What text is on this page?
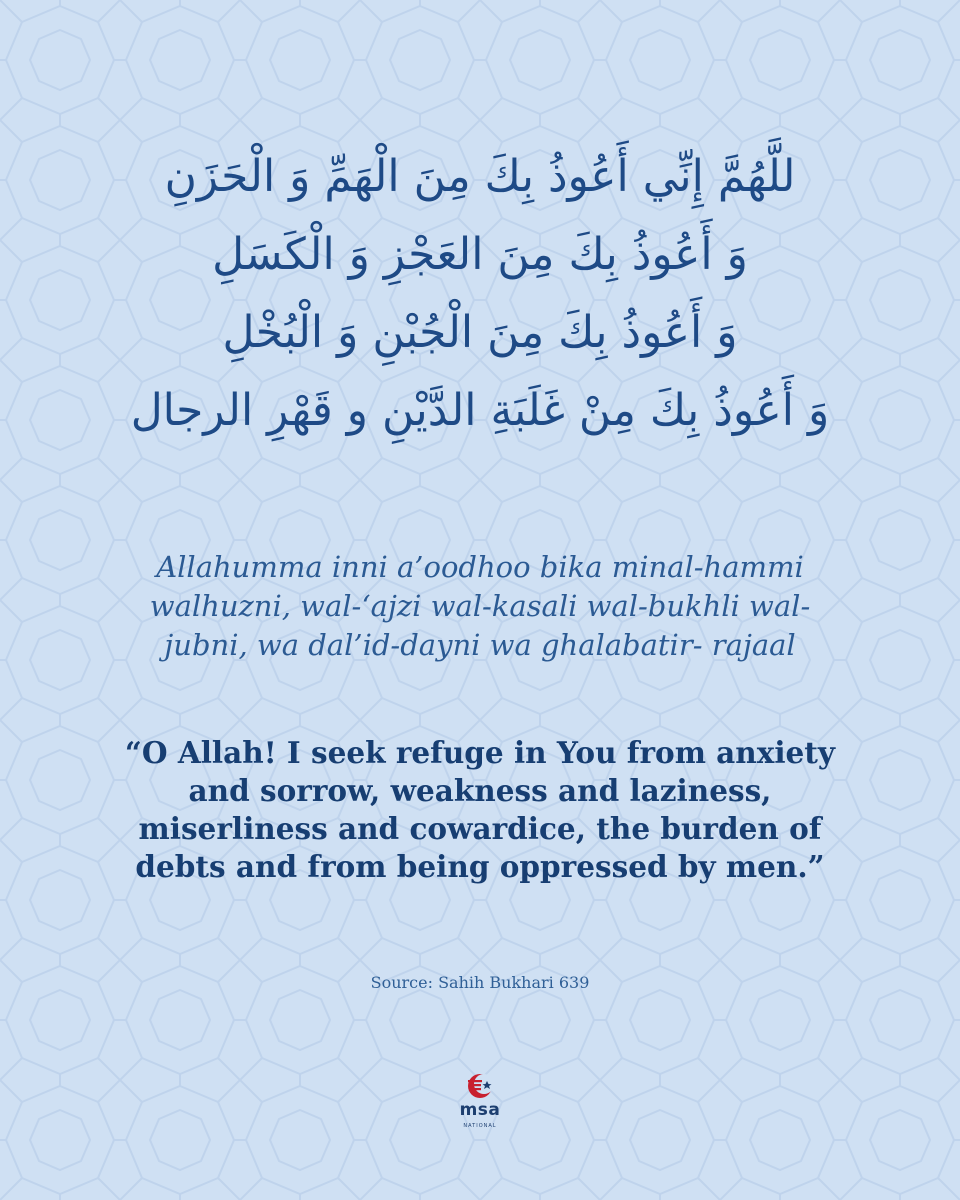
للَّهُمَّ إِنِّي أَعُوذُ بِكَ مِنَ الْهَمِّ وَ الْحَزَنِ
وَ أَعُوذُ بِكَ مِنَ العَجْزِ وَ الْكَسَلِ
وَ أَعُوذُ بِكَ مِنَ الْجُبْنِ وَ الْبُخْلِ
وَ أَعُوذُ بِكَ مِنْ غَلَبَةِ الدَّيْنِ و قَهْرِ الرجال
Allahumma inni a’oodhoo bika minal-hammi
walhuzni, wal-‘ajzi wal-kasali wal-bukhli wal-
jubni, wa dal’id-dayni wa ghalabatir- rajaal
“O Allah! I seek refuge in You from anxiety
and sorrow, weakness and laziness,
miserliness and cowardice, the burden of
debts and from being oppressed by men.”
Source: Sahih Bukhari 639
msa
NATIONAL
